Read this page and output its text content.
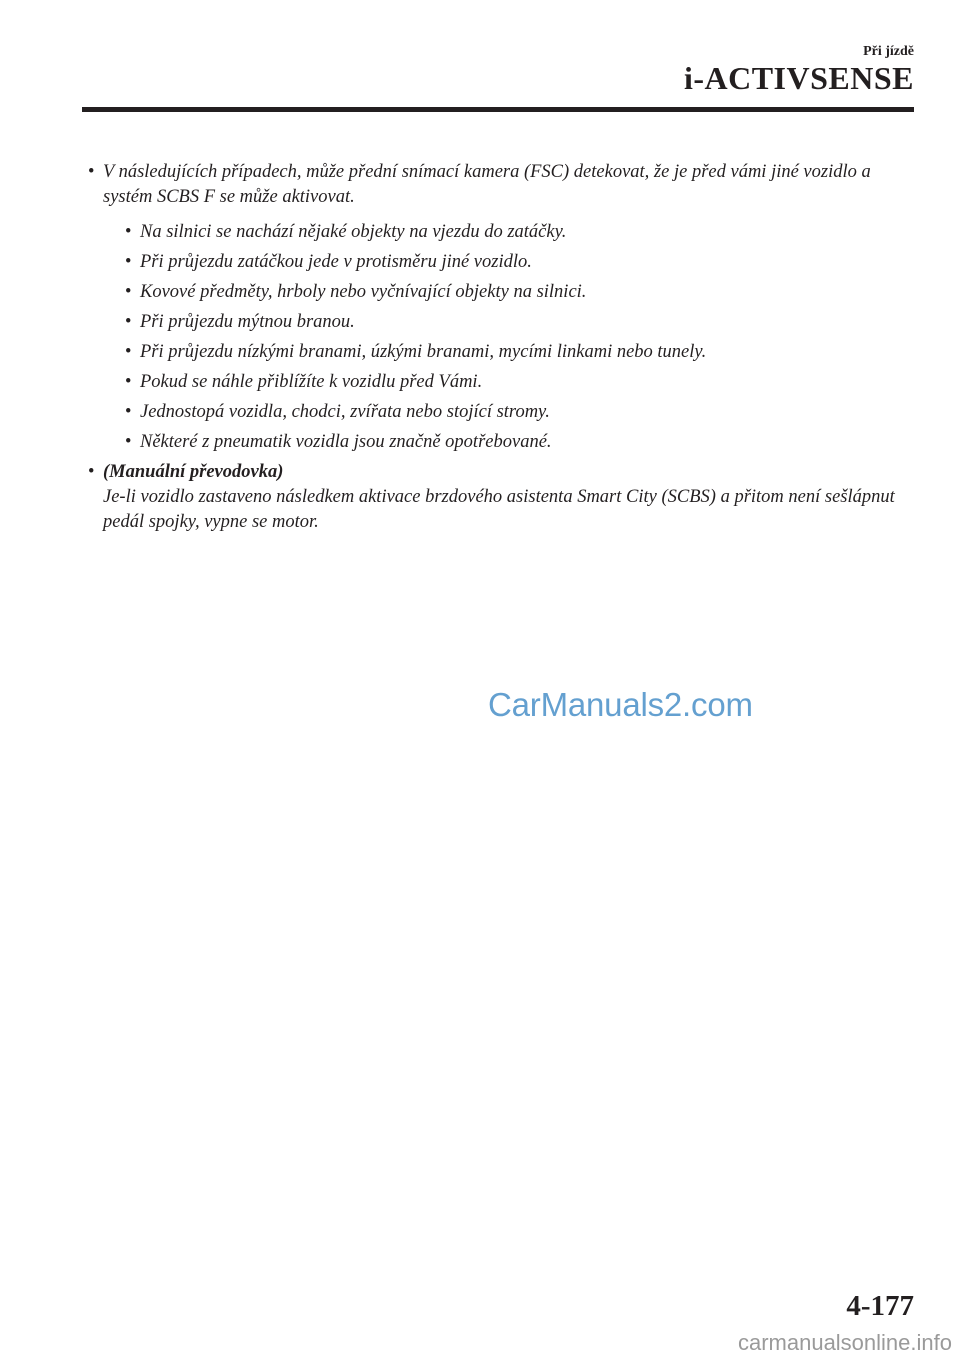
Při jízdě
i-ACTIVSENSE
• V následujících případech, může přední snímací kamera (FSC) detekovat, že je před vámi jiné vozidlo a systém SCBS F se může aktivovat.
• Na silnici se nachází nějaké objekty na vjezdu do zatáčky.
• Při průjezdu zatáčkou jede v protisměru jiné vozidlo.
• Kovové předměty, hrboly nebo vyčnívající objekty na silnici.
• Při průjezdu mýtnou branou.
• Při průjezdu nízkými branami, úzkými branami, mycími linkami nebo tunely.
• Pokud se náhle přiblížíte k vozidlu před Vámi.
• Jednostopá vozidla, chodci, zvířata nebo stojící stromy.
• Některé z pneumatik vozidla jsou značně opotřebované.
• (Manuální převodovka)
Je-li vozidlo zastaveno následkem aktivace brzdového asistenta Smart City (SCBS) a přitom není sešlápnut pedál spojky, vypne se motor.
CarManuals2.com
4-177
carmanualsonline.info
